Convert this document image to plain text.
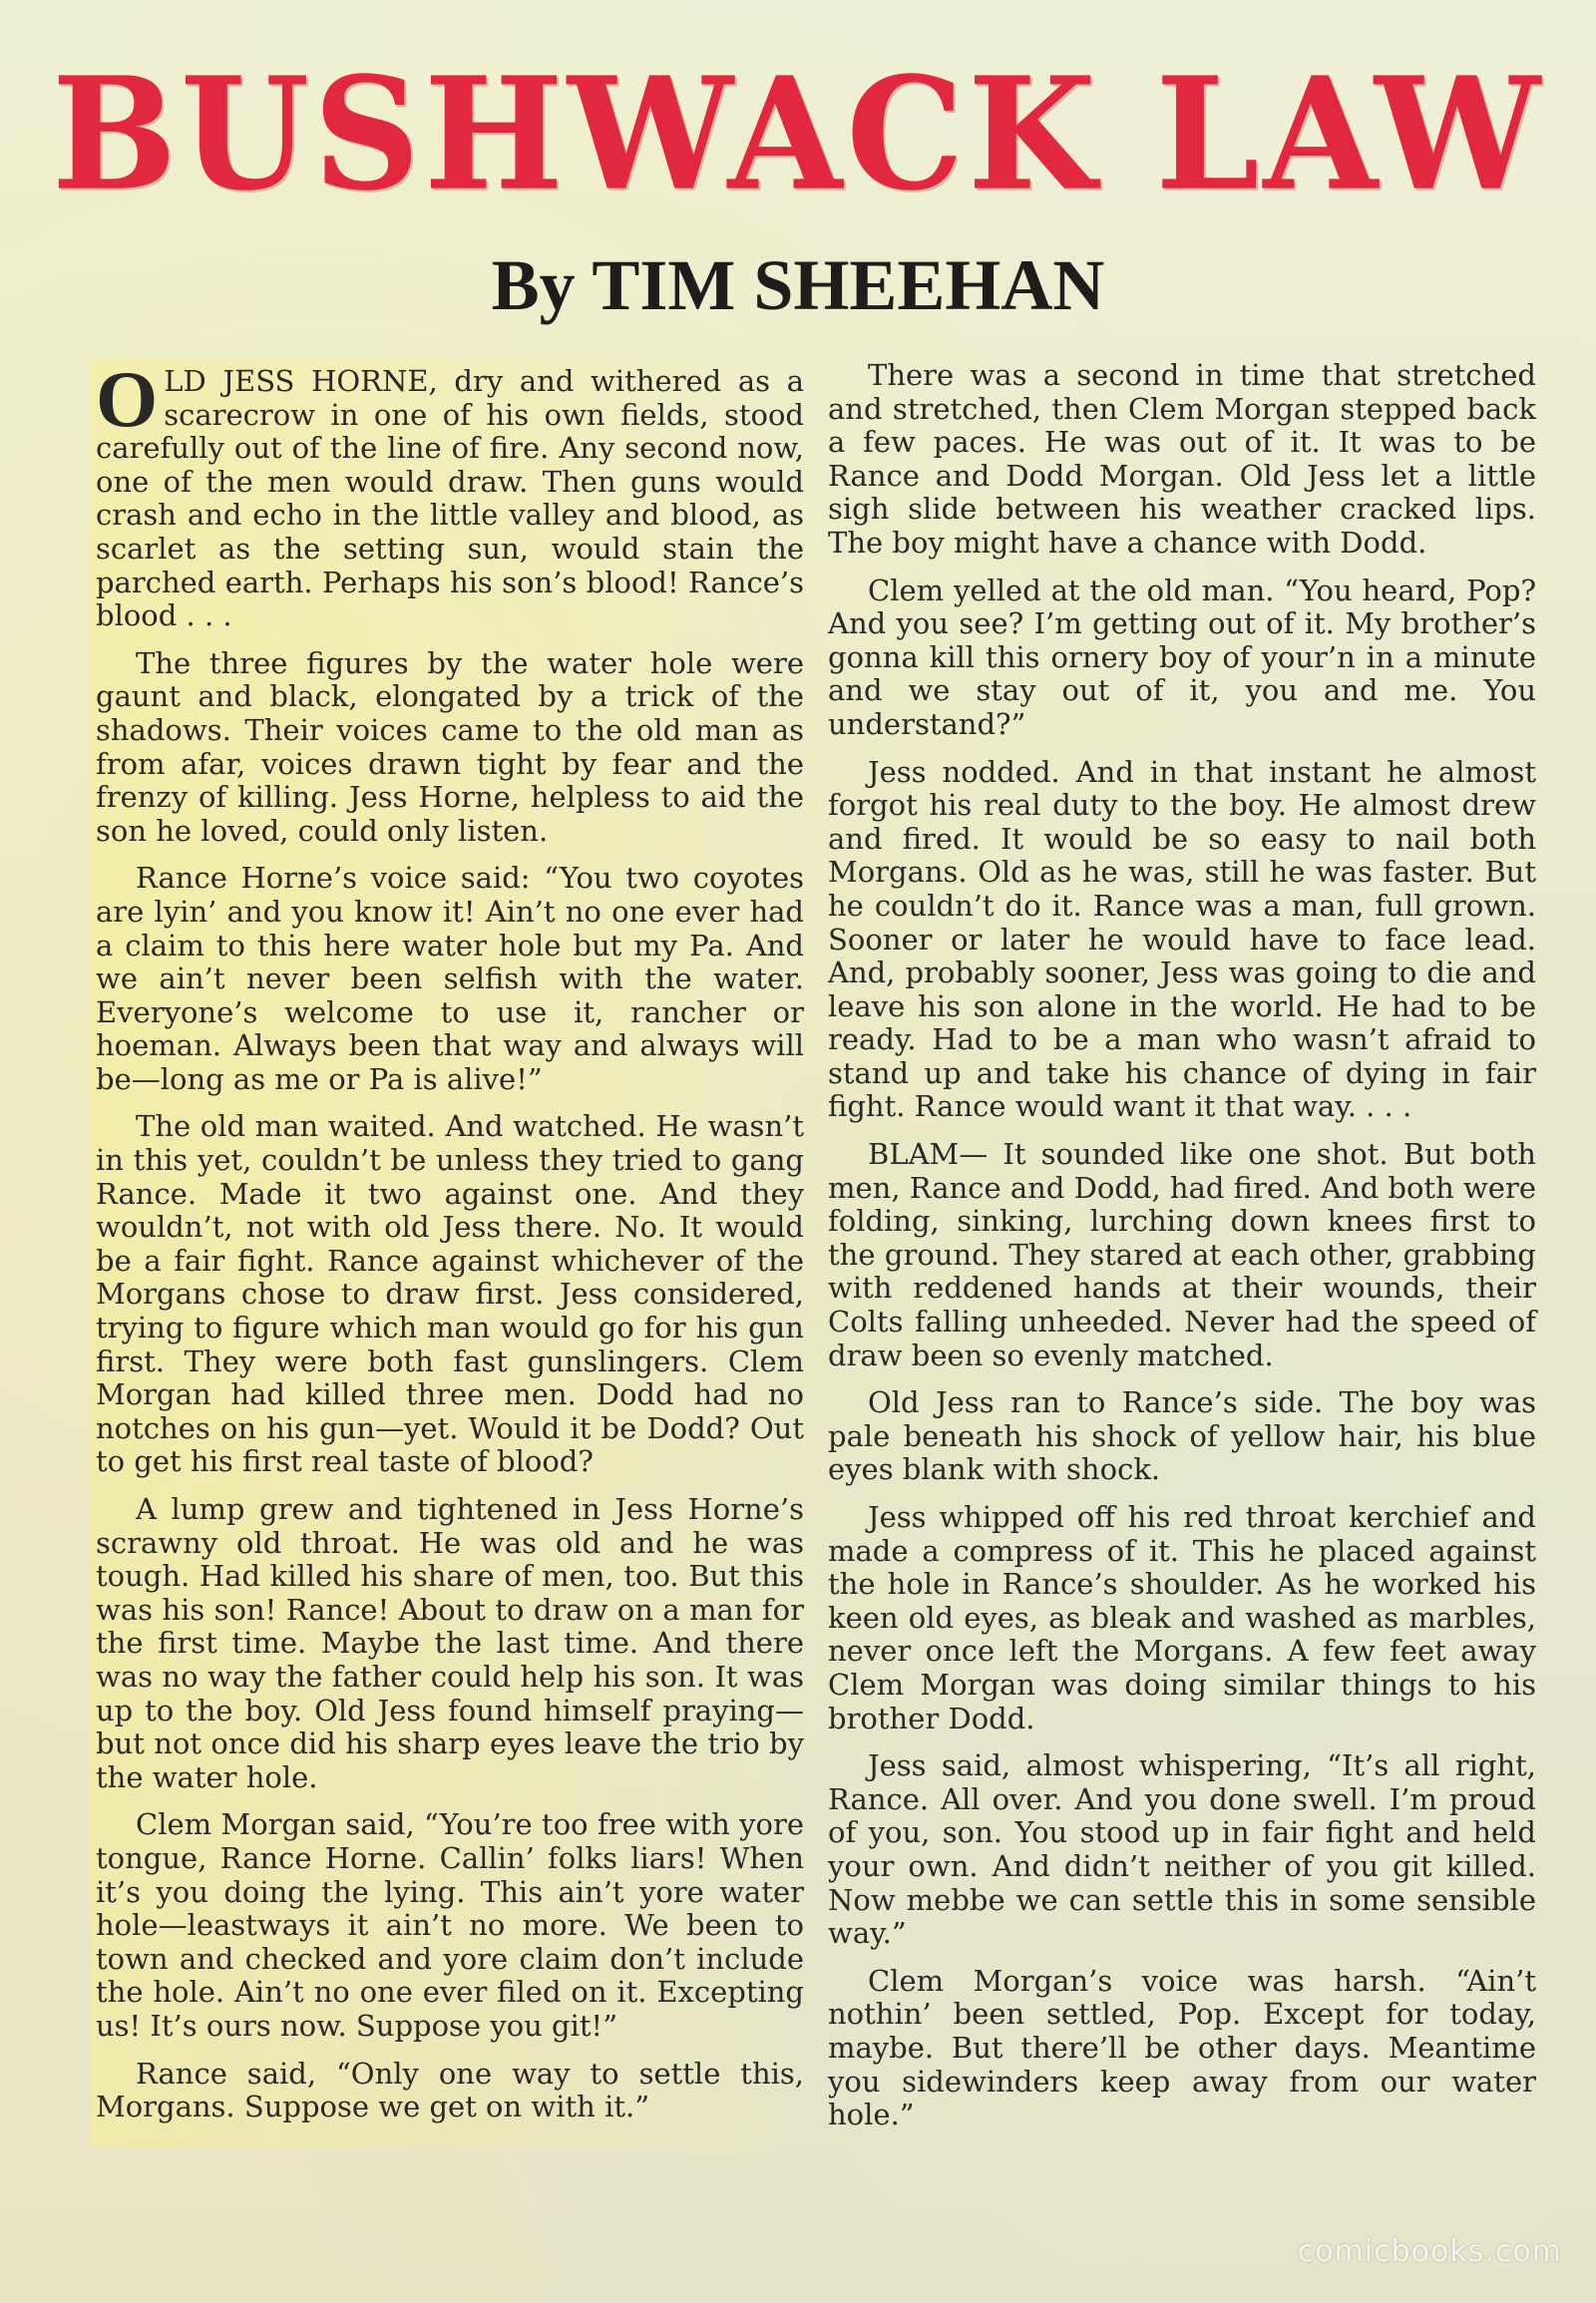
BUSHWACK LAW
By TIM SHEEHAN

OLD JESS HORNE, dry and withered as a scarecrow in one of his own fields, stood carefully out of the line of fire. Any second now, one of the men would draw. Then guns would crash and echo in the little valley and blood, as scarlet as the setting sun, would stain the parched earth. Perhaps his son’s blood! Rance’s blood . . .

The three figures by the water hole were gaunt and black, elongated by a trick of the shadows. Their voices came to the old man as from afar, voices drawn tight by fear and the frenzy of killing. Jess Horne, helpless to aid the son he loved, could only listen.

Rance Horne’s voice said: “You two coyotes are lyin’ and you know it! Ain’t no one ever had a claim to this here water hole but my Pa. And we ain’t never been selfish with the water. Everyone’s welcome to use it, rancher or hoeman. Always been that way and always will be—long as me or Pa is alive!”

The old man waited. And watched. He wasn’t in this yet, couldn’t be unless they tried to gang Rance. Made it two against one. And they wouldn’t, not with old Jess there. No. It would be a fair fight. Rance against whichever of the Morgans chose to draw first. Jess considered, trying to figure which man would go for his gun first. They were both fast gunslingers. Clem Morgan had killed three men. Dodd had no notches on his gun—yet. Would it be Dodd? Out to get his first real taste of blood?

A lump grew and tightened in Jess Horne’s scrawny old throat. He was old and he was tough. Had killed his share of men, too. But this was his son! Rance! About to draw on a man for the first time. Maybe the last time. And there was no way the father could help his son. It was up to the boy. Old Jess found himself praying—but not once did his sharp eyes leave the trio by the water hole.

Clem Morgan said, “You’re too free with yore tongue, Rance Horne. Callin’ folks liars! When it’s you doing the lying. This ain’t yore water hole—leastways it ain’t no more. We been to town and checked and yore claim don’t include the hole. Ain’t no one ever filed on it. Excepting us! It’s ours now. Suppose you git!”

Rance said, “Only one way to settle this, Morgans. Suppose we get on with it.”

There was a second in time that stretched and stretched, then Clem Morgan stepped back a few paces. He was out of it. It was to be Rance and Dodd Morgan. Old Jess let a little sigh slide between his weather cracked lips. The boy might have a chance with Dodd.

Clem yelled at the old man. “You heard, Pop? And you see? I’m getting out of it. My brother’s gonna kill this ornery boy of your’n in a minute and we stay out of it, you and me. You understand?”

Jess nodded. And in that instant he almost forgot his real duty to the boy. He almost drew and fired. It would be so easy to nail both Morgans. Old as he was, still he was faster. But he couldn’t do it. Rance was a man, full grown. Sooner or later he would have to face lead. And, probably sooner, Jess was going to die and leave his son alone in the world. He had to be ready. Had to be a man who wasn’t afraid to stand up and take his chance of dying in fair fight. Rance would want it that way. . . .

BLAM— It sounded like one shot. But both men, Rance and Dodd, had fired. And both were folding, sinking, lurching down knees first to the ground. They stared at each other, grabbing with reddened hands at their wounds, their Colts falling unheeded. Never had the speed of draw been so evenly matched.

Old Jess ran to Rance’s side. The boy was pale beneath his shock of yellow hair, his blue eyes blank with shock.

Jess whipped off his red throat kerchief and made a compress of it. This he placed against the hole in Rance’s shoulder. As he worked his keen old eyes, as bleak and washed as marbles, never once left the Morgans. A few feet away Clem Morgan was doing similar things to his brother Dodd.

Jess said, almost whispering, “It’s all right, Rance. All over. And you done swell. I’m proud of you, son. You stood up in fair fight and held your own. And didn’t neither of you git killed. Now mebbe we can settle this in some sensible way.”

Clem Morgan’s voice was harsh. “Ain’t nothin’ been settled, Pop. Except for today, maybe. But there’ll be other days. Meantime you sidewinders keep away from our water hole.”

comicbooks.com
